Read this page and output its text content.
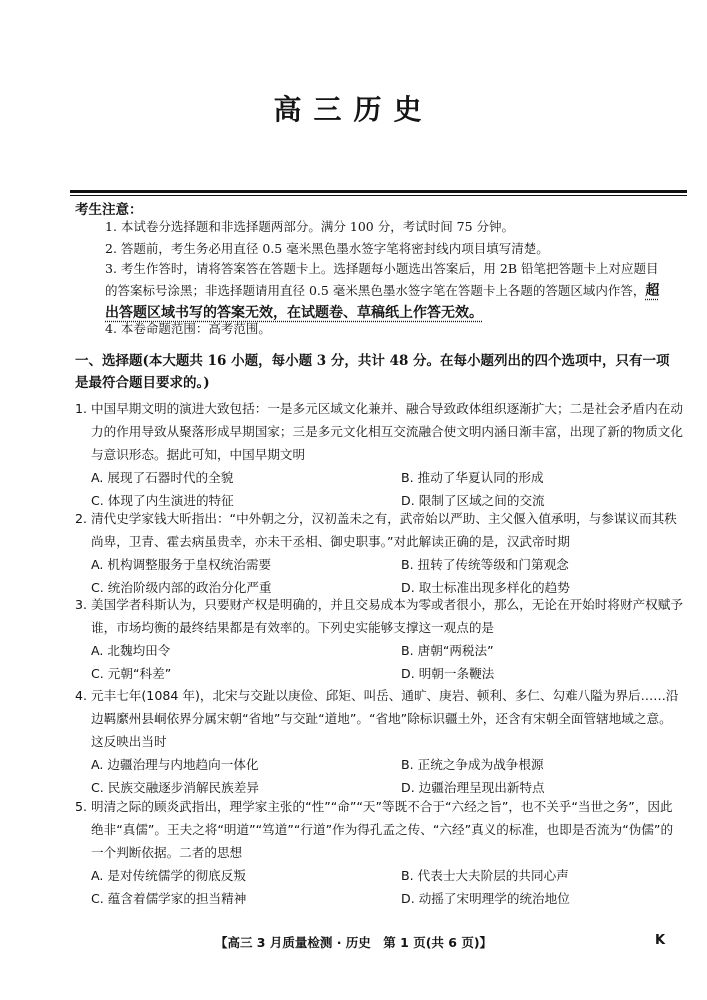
高三历史
考生注意：
1. 本试卷分选择题和非选择题两部分。满分 100 分，考试时间 75 分钟。
2. 答题前，考生务必用直径 0.5 毫米黑色墨水签字笔将密封线内项目填写清楚。
3. 考生作答时，请将答案答在答题卡上。选择题每小题选出答案后，用 2B 铅笔把答题卡上对应题目的答案标号涂黑；非选择题请用直径 0.5 毫米黑色墨水签字笔在答题卡上各题的答题区域内作答，超出答题区域书写的答案无效，在试题卷、草稿纸上作答无效。
4. 本卷命题范围：高考范围。
一、选择题(本大题共 16 小题，每小题 3 分，共计 48 分。在每小题列出的四个选项中，只有一项是最符合题目要求的。)
1. 中国早期文明的演进大致包括：一是多元区域文化兼并、融合导致政体组织逐渐扩大；二是社会矛盾内在动力的作用导致从聚落形成早期国家；三是多元文化相互交流融合使文明内涵日渐丰富，出现了新的物质文化与意识形态。据此可知，中国早期文明
A. 展现了石器时代的全貌	B. 推动了华夏认同的形成
C. 体现了内生演进的特征	D. 限制了区域之间的交流
2. 清代史学家钱大昕指出：“中外朝之分，汉初盖未之有，武帝始以严助、主父偃入值承明，与参谋议而其秩尚卑，卫青、霍去病虽贵幸，亦未干丞相、御史职事。”对此解读正确的是，汉武帝时期
A. 机构调整服务于皇权统治需要	B. 扭转了传统等级和门第观念
C. 统治阶级内部的政治分化严重	D. 取士标准出现多样化的趋势
3. 美国学者科斯认为，只要财产权是明确的，并且交易成本为零或者很小，那么，无论在开始时将财产权赋予谁，市场均衡的最终结果都是有效率的。下列史实能够支撑这一观点的是
A. 北魏均田令	B. 唐朝“两税法”
C. 元朝“科差”	D. 明朝一条鞭法
4. 元丰七年(1084 年)，北宋与交趾以庚俭、邱矩、叫岳、通旷、庚岩、顿利、多仁、勾难八隘为界后……沿边羁縻州县峒依界分属宋朝“省地”与交趾“道地”。“省地”除标识疆土外，还含有宋朝全面管辖地域之意。这反映出当时
A. 边疆治理与内地趋向一体化	B. 正统之争成为战争根源
C. 民族交融逐步消解民族差异	D. 边疆治理呈现出新特点
5. 明清之际的顾炎武指出，理学家主张的“性”“命”“天”等既不合于“六经之旨”，也不关乎“当世之务”，因此绝非“真儒”。王夫之将“明道”“笃道”“行道”作为得孔孟之传、“六经”真义的标准，也即是否流为“伪儒”的一个判断依据。二者的思想
A. 是对传统儒学的彻底反叛	B. 代表士大夫阶层的共同心声
C. 蕴含着儒学家的担当精神	D. 动摇了宋明理学的统治地位
【高三 3 月质量检测 · 历史　第 1 页(共 6 页)】	K
